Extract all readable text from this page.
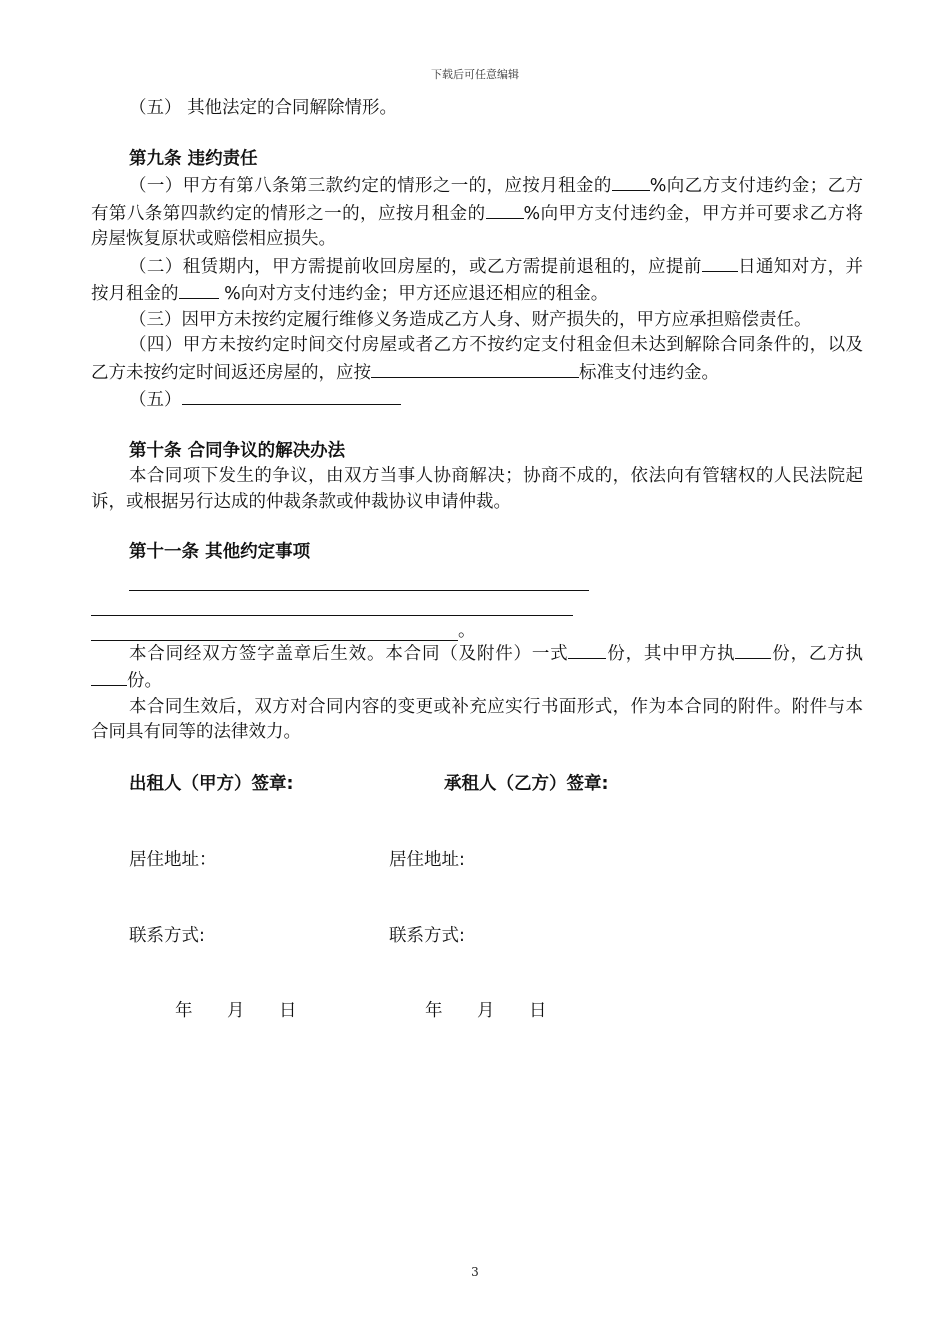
下载后可任意编辑

（五） 其他法定的合同解除情形。

第九条 违约责任

（一）甲方有第八条第三款约定的情形之一的，应按月租金的 %向乙方支付违约金；乙方有第八条第四款约定的情形之一的，应按月租金的 %向甲方支付违约金，甲方并可要求乙方将房屋恢复原状或赔偿相应损失。

（二）租赁期内，甲方需提前收回房屋的，或乙方需提前退租的，应提前 日通知对方，并按月租金的 %向对方支付违约金；甲方还应退还相应的租金。

（三）因甲方未按约定履行维修义务造成乙方人身、财产损失的，甲方应承担赔偿责任。

（四）甲方未按约定时间交付房屋或者乙方不按约定支付租金但未达到解除合同条件的，以及乙方未按约定时间返还房屋的，应按	标准支付违约金。

（五）

第十条 合同争议的解决办法

本合同项下发生的争议，由双方当事人协商解决；协商不成的，依法向有管辖权的人民法院起诉，或根据另行达成的仲裁条款或仲裁协议申请仲裁。

第十一条 其他约定事项

。

本合同经双方签字盖章后生效。本合同（及附件）一式 份，其中甲方执 份，乙方执份。

本合同生效后，双方对合同内容的变更或补充应实行书面形式，作为本合同的附件。附件与本合同具有同等的法律效力。

出租人（甲方）签章:	承租人（乙方）签章:
居住地址：	居住地址:
联系方式:	联系方式:
年 月 日	年 月 日
3
